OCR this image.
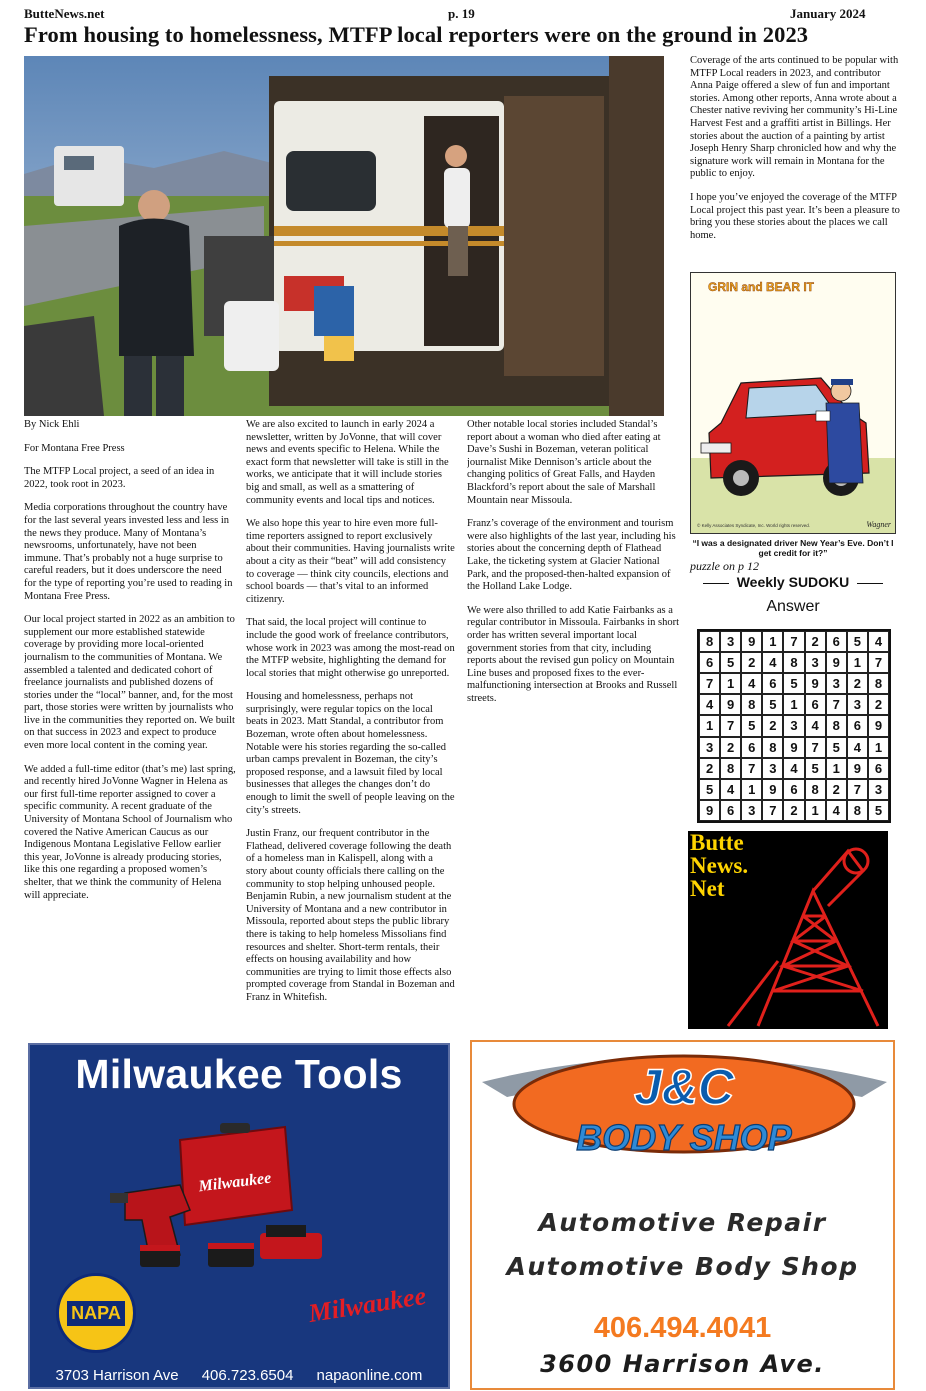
ButteNews.net	p. 19	January 2024
From housing to homelessness, MTFP local reporters were on the ground in 2023

By Nick Ehli

For Montana Free Press

The MTFP Local project, a seed of an idea in 2022, took root in 2023.

Media corporations throughout the country have for the last several years invested less and less in the news they produce. Many of Montana’s newsrooms, unfortunately, have not been immune. That’s probably not a huge surprise to careful readers, but it does underscore the need for the type of reporting you’re used to reading in Montana Free Press.

Our local project started in 2022 as an ambition to supplement our more established statewide coverage by providing more local-oriented journalism to the communities of Montana. We assembled a talented and dedicated cohort of freelance journalists and published dozens of stories under the “local” banner, and, for the most part, those stories were written by journalists who live in the communities they reported on. We built on that success in 2023 and expect to produce even more local content in the coming year.

We added a full-time editor (that’s me) last spring, and recently hired JoVonne Wagner in Helena as our first full-time reporter assigned to cover a specific community. A recent graduate of the University of Montana School of Journalism who covered the Native American Caucus as our Indigenous Montana Legislative Fellow earlier this year, JoVonne is already producing stories, like this one regarding a proposed women’s shelter, that we think the community of Helena will appreciate.

We are also excited to launch in early 2024 a newsletter, written by JoVonne, that will cover news and events specific to Helena. While the exact form that newsletter will take is still in the works, we anticipate that it will include stories big and small, as well as a smattering of community events and local tips and notices.

We also hope this year to hire even more full-time reporters assigned to report exclusively about their communities. Having journalists write about a city as their “beat” will add consistency to coverage — think city councils, elections and school boards — that’s vital to an informed citizenry.

That said, the local project will continue to include the good work of freelance contributors, whose work in 2023 was among the most-read on the MTFP website, highlighting the demand for local stories that might otherwise go unreported.

Housing and homelessness, perhaps not surprisingly, were regular topics on the local beats in 2023. Matt Standal, a contributor from Bozeman, wrote often about homelessness. Notable were his stories regarding the so-called urban camps prevalent in Bozeman, the city’s proposed response, and a lawsuit filed by local businesses that alleges the changes don’t do enough to limit the swell of people leaving on the city’s streets.

Justin Franz, our frequent contributor in the Flathead, delivered coverage following the death of a homeless man in Kalispell, along with a story about county officials there calling on the community to stop helping unhoused people. Benjamin Rubin, a new journalism student at the University of Montana and a new contributor in Missoula, reported about steps the public library there is taking to help homeless Missolians find resources and shelter. Short-term rentals, their effects on housing availability and how communities are trying to limit those effects also prompted coverage from Standal in Bozeman and Franz in Whitefish.

Other notable local stories included Standal’s report about a woman who died after eating at Dave’s Sushi in Bozeman, veteran political journalist Mike Dennison’s article about the changing politics of Great Falls, and Hayden Blackford’s report about the sale of Marshall Mountain near Missoula.

Franz’s coverage of the environment and tourism were also highlights of the last year, including his stories about the concerning depth of Flathead Lake, the ticketing system at Glacier National Park, and the proposed-then-halted expansion of the Holland Lake Lodge.

We were also thrilled to add Katie Fairbanks as a regular contributor in Missoula. Fairbanks in short order has written several important local government stories from that city, including reports about the revised gun policy on Mountain Line buses and proposed fixes to the ever-malfunctioning intersection at Brooks and Russell streets.

Coverage of the arts continued to be popular with MTFP Local readers in 2023, and contributor Anna Paige offered a slew of fun and important stories. Among other reports, Anna wrote about a Chester native reviving her community’s Hi-Line Harvest Fest and a graffiti artist in Billings. Her stories about the auction of a painting by artist Joseph Henry Sharp chronicled how and why the signature work will remain in Montana for the public to enjoy.

I hope you’ve enjoyed the coverage of the MTFP Local project this past year. It’s been a pleasure to bring you these stories about the places we call home.

GRIN and BEAR IT
© Kelly Associates Syndicate, Inc. World rights reserved.	Wagner
“I was a designated driver New Year’s Eve. Don’t I get credit for it?”
puzzle on p 12
Weekly SUDOKU
Answer
8	3	9	1	7	2	6	5	4
6	5	2	4	8	3	9	1	7
7	1	4	6	5	9	3	2	8
4	9	8	5	1	6	7	3	2
1	7	5	2	3	4	8	6	9
3	2	6	8	9	7	5	4	1
2	8	7	3	4	5	1	9	6
5	4	1	9	6	8	2	7	3
9	6	3	7	2	1	4	8	5
Butte
News.
Net
Milwaukee Tools
Milwaukee
NAPA	Milwaukee
3703 Harrison Ave 406.723.6504 napaonline.com
J&C
BODY SHOP
Automotive Repair
Automotive Body Shop
406.494.4041
3600 Harrison Ave.
